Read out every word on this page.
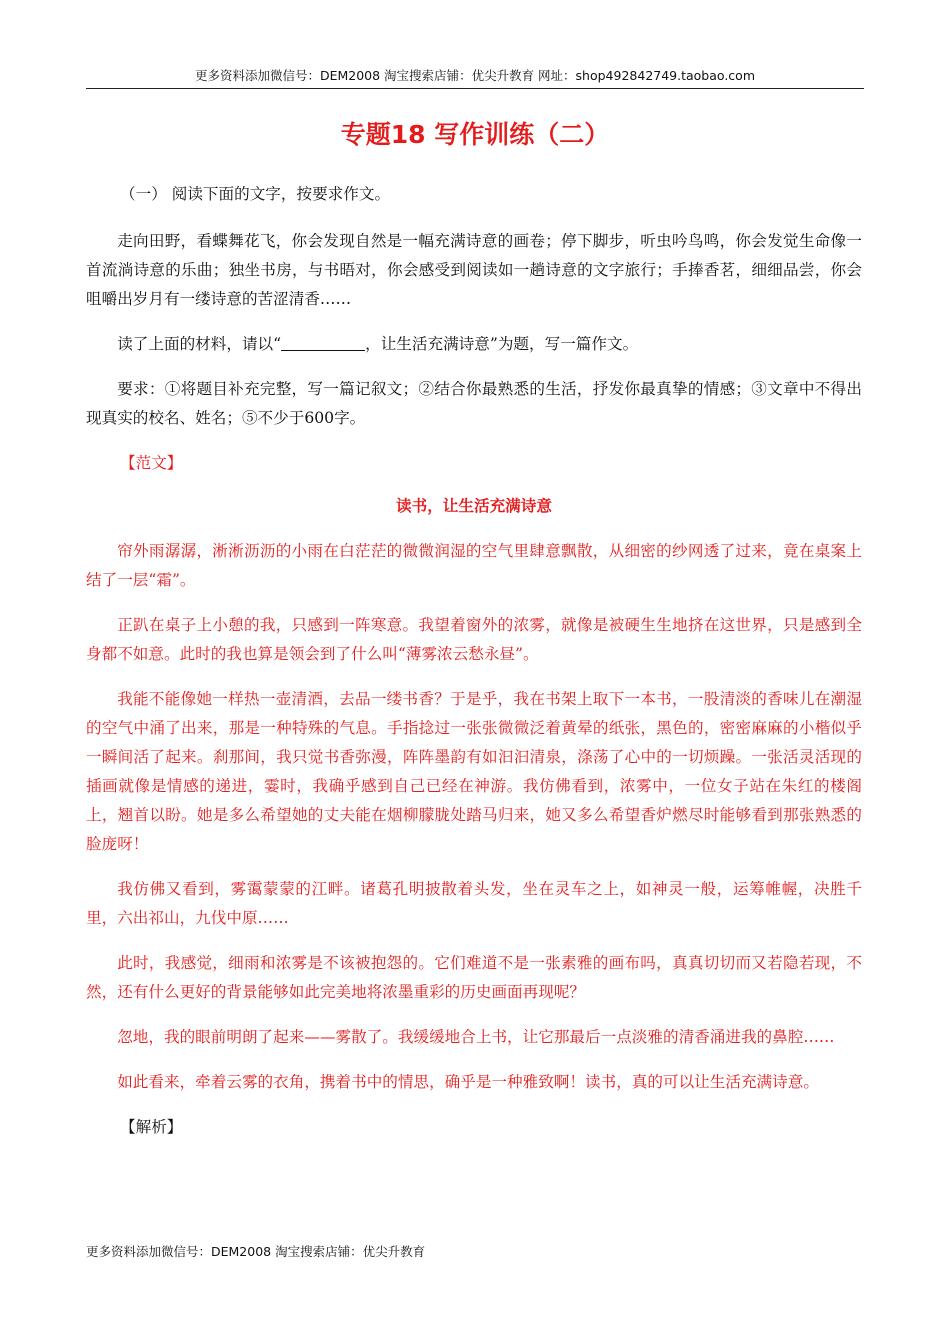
更多资料添加微信号：DEM2008 淘宝搜索店铺：优尖升教育 网址：shop492842749.taobao.com
专题18 写作训练（二）

（一） 阅读下面的文字，按要求作文。

走向田野，看蝶舞花飞，你会发现自然是一幅充满诗意的画卷；停下脚步，听虫吟鸟鸣，你会发觉生命像一首流淌诗意的乐曲；独坐书房，与书晤对，你会感受到阅读如一趟诗意的文字旅行；手捧香茗，细细品尝，你会咀嚼出岁月有一缕诗意的苦涩清香……

读了上面的材料，请以“	，让生活充满诗意”为题，写一篇作文。

要求：①将题目补充完整，写一篇记叙文；②结合你最熟悉的生活，抒发你最真挚的情感；③文章中不得出现真实的校名、姓名；⑤不少于600字。

【范文】
读书，让生活充满诗意

帘外雨潺潺，淅淅沥沥的小雨在白茫茫的微微润湿的空气里肆意飘散，从细密的纱网透了过来，竟在桌案上结了一层“霜”。

正趴在桌子上小憩的我，只感到一阵寒意。我望着窗外的浓雾，就像是被硬生生地挤在这世界，只是感到全身都不如意。此时的我也算是领会到了什么叫“薄雾浓云愁永昼”。

我能不能像她一样热一壶清酒，去品一缕书香？于是乎，我在书架上取下一本书，一股清淡的香味儿在潮湿的空气中涌了出来，那是一种特殊的气息。手指捻过一张张微微泛着黄晕的纸张，黑色的，密密麻麻的小楷似乎一瞬间活了起来。刹那间，我只觉书香弥漫，阵阵墨韵有如汩汩清泉，涤荡了心中的一切烦躁。一张活灵活现的插画就像是情感的递进，霎时，我确乎感到自己已经在神游。我仿佛看到，浓雾中，一位女子站在朱红的楼阁上，翘首以盼。她是多么希望她的丈夫能在烟柳朦胧处踏马归来，她又多么希望香炉燃尽时能够看到那张熟悉的脸庞呀！

我仿佛又看到，雾霭蒙蒙的江畔。诸葛孔明披散着头发，坐在灵车之上，如神灵一般，运筹帷幄，决胜千里，六出祁山，九伐中原……

此时，我感觉，细雨和浓雾是不该被抱怨的。它们难道不是一张素雅的画布吗，真真切切而又若隐若现，不然，还有什么更好的背景能够如此完美地将浓墨重彩的历史画面再现呢？

忽地，我的眼前明朗了起来——雾散了。我缓缓地合上书，让它那最后一点淡雅的清香涌进我的鼻腔……

如此看来，牵着云雾的衣角，携着书中的情思，确乎是一种雅致啊！读书，真的可以让生活充满诗意。

【解析】
更多资料添加微信号：DEM2008 淘宝搜索店铺：优尖升教育
